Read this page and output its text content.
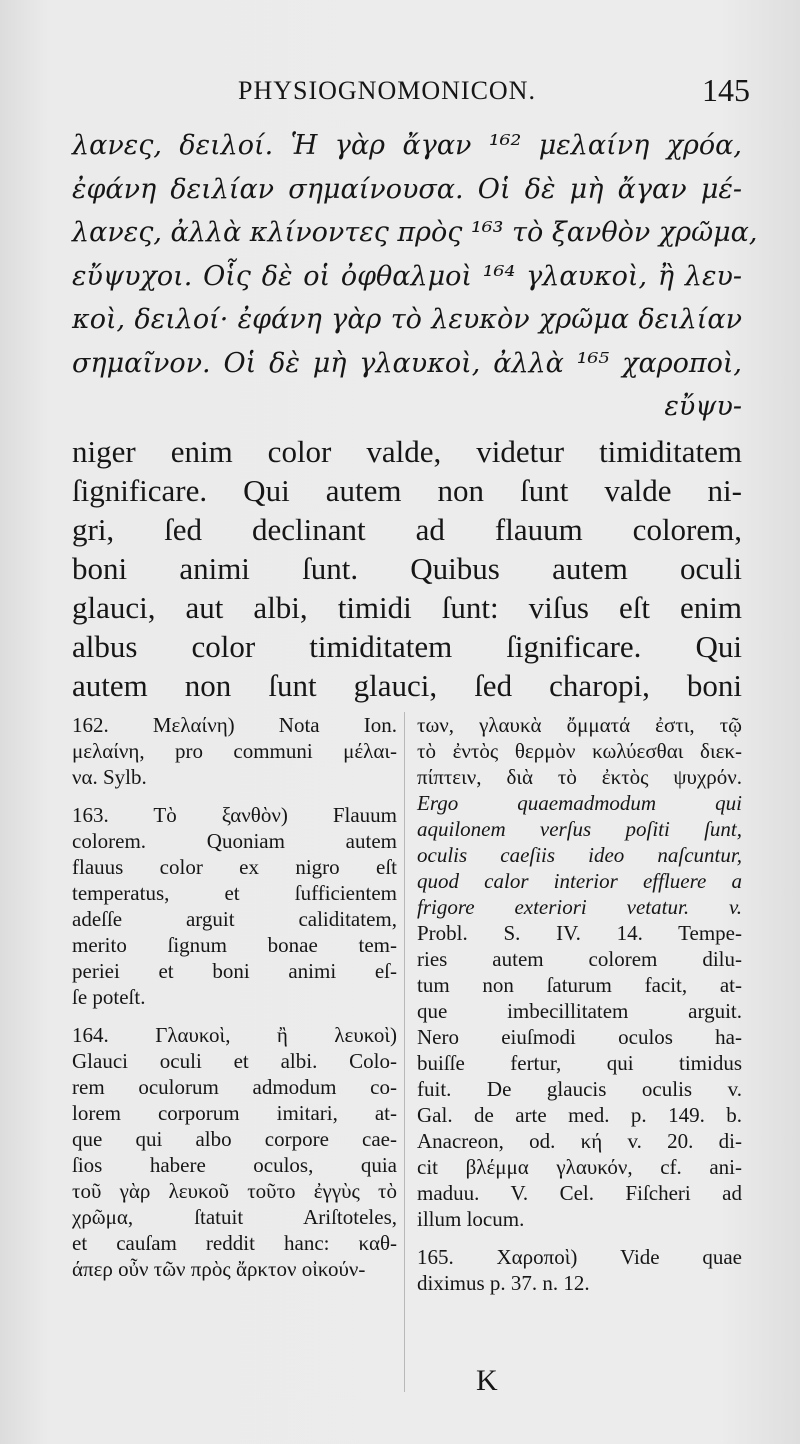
PHYSIOGNOMONICON.	145
λανες, δειλοί. Ἡ γὰρ ἄγαν ¹⁶² μελαίνη χρόα,
ἐφάνη δειλίαν σημαίνουσα. Οἱ δὲ μὴ ἄγαν μέ-
λανες, ἀλλὰ κλίνοντες πρὸς ¹⁶³ τὸ ξανθὸν χρῶμα,
εὔψυχοι. Οἷς δὲ οἱ ὀφθαλμοὶ ¹⁶⁴ γλαυκοὶ, ἢ λευ-
κοὶ, δειλοί· ἐφάνη γὰρ τὸ λευκὸν χρῶμα δειλίαν
σημαῖνον. Οἱ δὲ μὴ γλαυκοὶ, ἀλλὰ ¹⁶⁵ χαροποὶ,
εὔψυ-
niger enim color valde, videtur timiditatem
ſignificare. Qui autem non ſunt valde ni-
gri, ſed declinant ad flauum colorem,
boni animi ſunt. Quibus autem oculi
glauci, aut albi, timidi ſunt: viſus eſt enim
albus color timiditatem ſignificare. Qui
autem non ſunt glauci, ſed charopi, boni
162. Μελαίνη) Nota Ion.
μελαίνη, pro communi μέλαι-
να. Sylb.
163. Τὸ ξανθὸν) Flauum
colorem. Quoniam autem
flauus color ex nigro eſt
temperatus, et ſufficientem
adeſſe arguit caliditatem,
merito ſignum bonae tem-
periei et boni animi eſ-
ſe poteſt.
164. Γλαυκοὶ, ἢ λευκοὶ)
Glauci oculi et albi. Colo-
rem oculorum admodum co-
lorem corporum imitari, at-
que qui albo corpore cae-
ſios habere oculos, quia
τοῦ γὰρ λευκοῦ τοῦτο ἐγγὺς τὸ
χρῶμα, ſtatuit Ariſtoteles,
et cauſam reddit hanc: καθ-
άπερ οὖν τῶν πρὸς ἄρκτον οἰκούν-
των, γλαυκὰ ὄμματά ἐστι, τῷ
τὸ ἐντὸς θερμὸν κωλύεσθαι διεκ-
πίπτειν, διὰ τὸ ἐκτὸς ψυχρόν.
Ergo quaemadmodum qui
aquilonem verſus poſiti ſunt,
oculis caeſiis ideo naſcuntur,
quod calor interior effluere a
frigore exteriori vetatur. v.
Probl. S. IV. 14. Tempe-
ries autem colorem dilu-
tum non ſaturum facit, at-
que imbecillitatem arguit.
Nero eiuſmodi oculos ha-
buiſſe fertur, qui timidus
fuit. De glaucis oculis v.
Gal. de arte med. p. 149. b.
Anacreon, od. κή v. 20. di-
cit βλέμμα γλαυκόν, cf. ani-
maduu. V. Cel. Fiſcheri ad
illum locum.
165. Χαροποὶ) Vide quae
diximus p. 37. n. 12.
K
